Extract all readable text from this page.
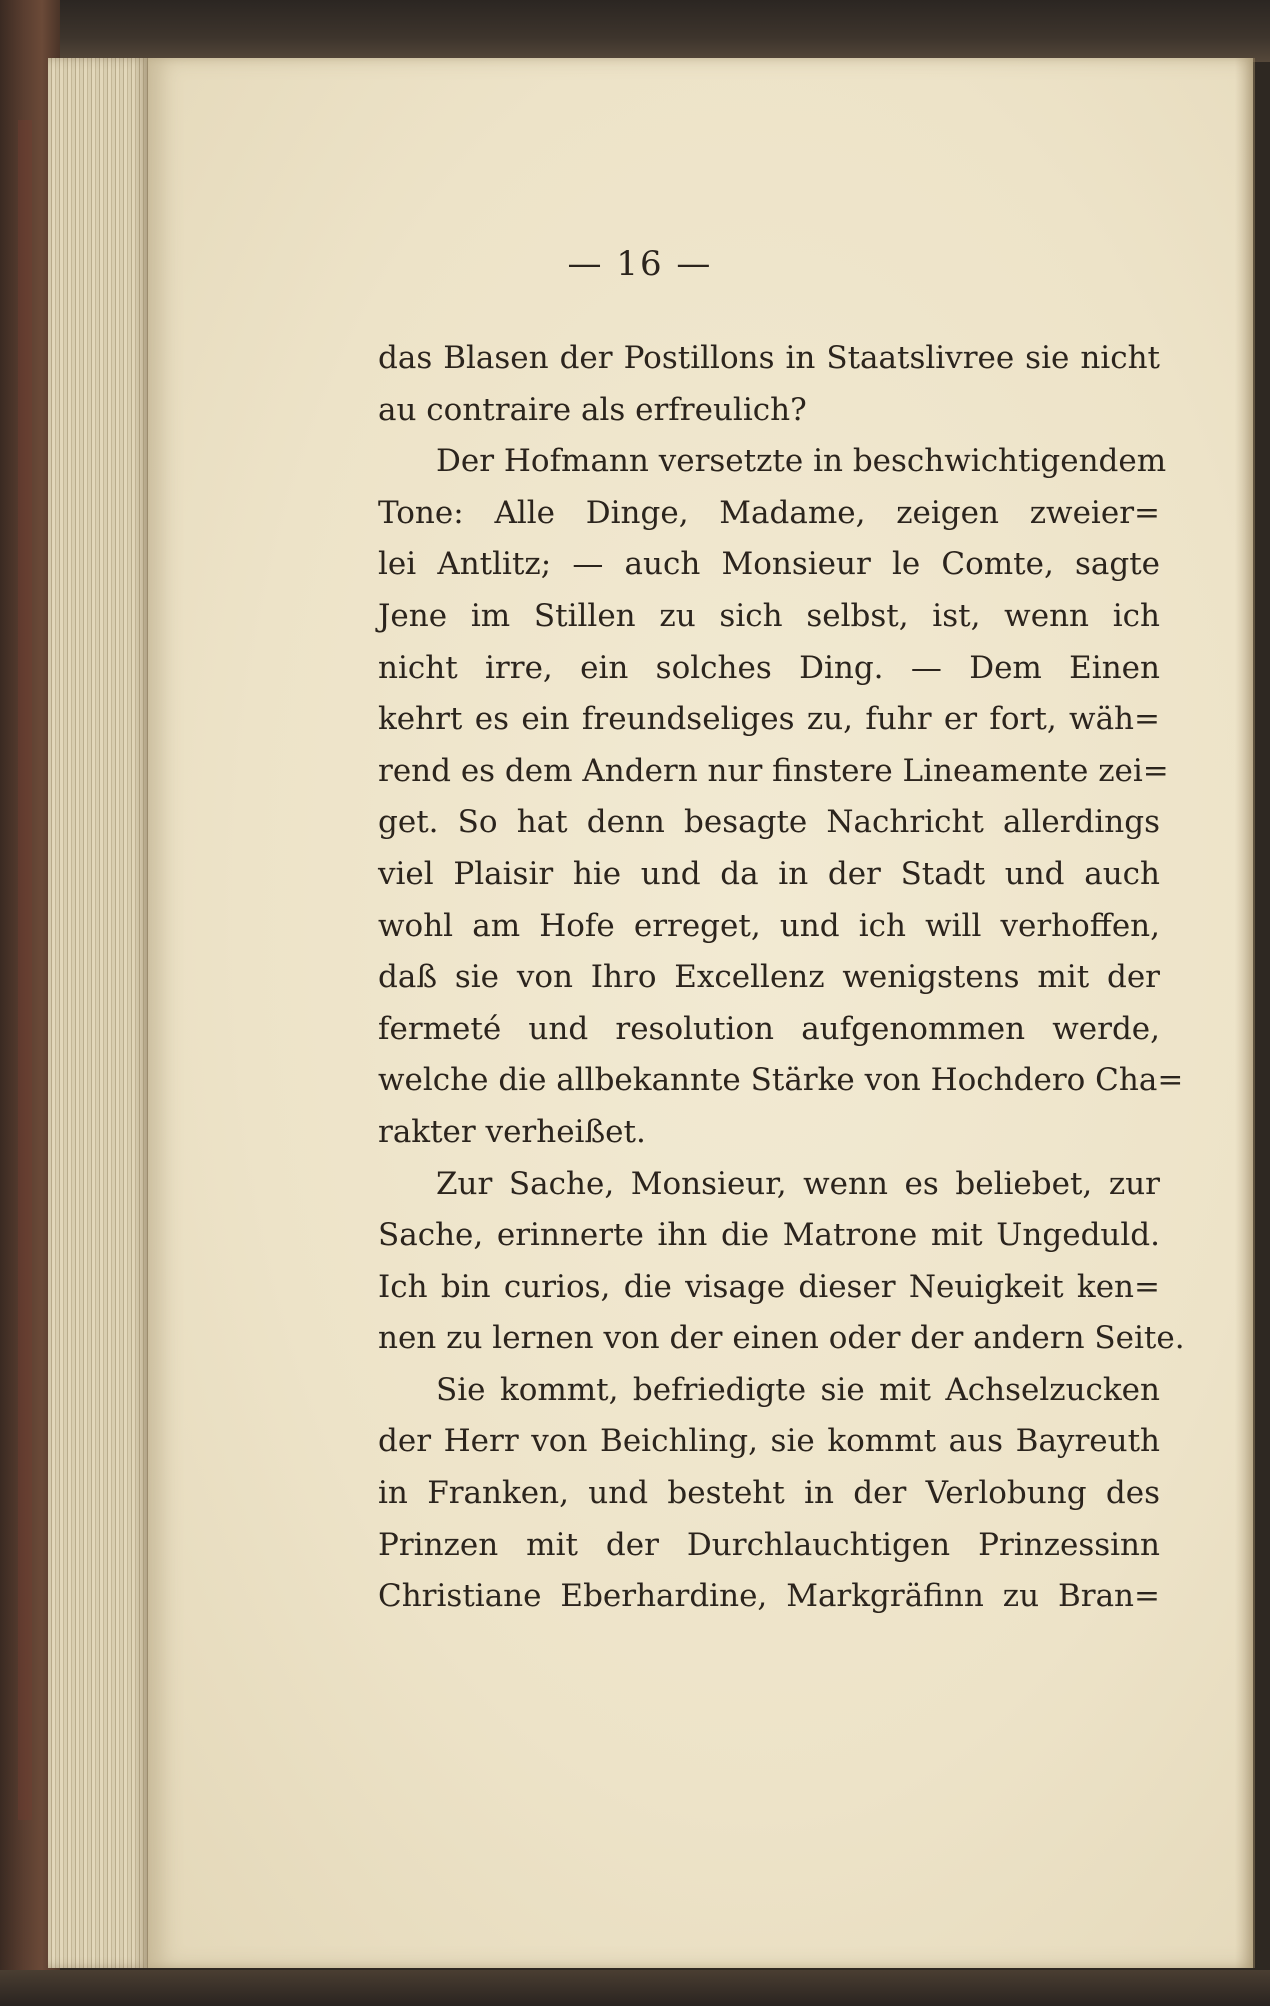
— 16 —
das Blasen der Postillons in Staatslivree sie nicht
au contraire als erfreulich?
Der Hofmann versetzte in beschwichtigendem
Tone: Alle Dinge, Madame, zeigen zweier=
lei Antlitz; — auch Monsieur le Comte, sagte
Jene im Stillen zu sich selbst, ist, wenn ich
nicht irre, ein solches Ding. — Dem Einen
kehrt es ein freundseliges zu, fuhr er fort, wäh=
rend es dem Andern nur finstere Lineamente zei=
get. So hat denn besagte Nachricht allerdings
viel Plaisir hie und da in der Stadt und auch
wohl am Hofe erreget, und ich will verhoffen,
daß sie von Ihro Excellenz wenigstens mit der
fermeté und resolution aufgenommen werde,
welche die allbekannte Stärke von Hochdero Cha=
rakter verheißet.
Zur Sache, Monsieur, wenn es beliebet, zur
Sache, erinnerte ihn die Matrone mit Ungeduld.
Ich bin curios, die visage dieser Neuigkeit ken=
nen zu lernen von der einen oder der andern Seite.
Sie kommt, befriedigte sie mit Achselzucken
der Herr von Beichling, sie kommt aus Bayreuth
in Franken, und besteht in der Verlobung des
Prinzen mit der Durchlauchtigen Prinzessinn
Christiane Eberhardine, Markgräfinn zu Bran=
